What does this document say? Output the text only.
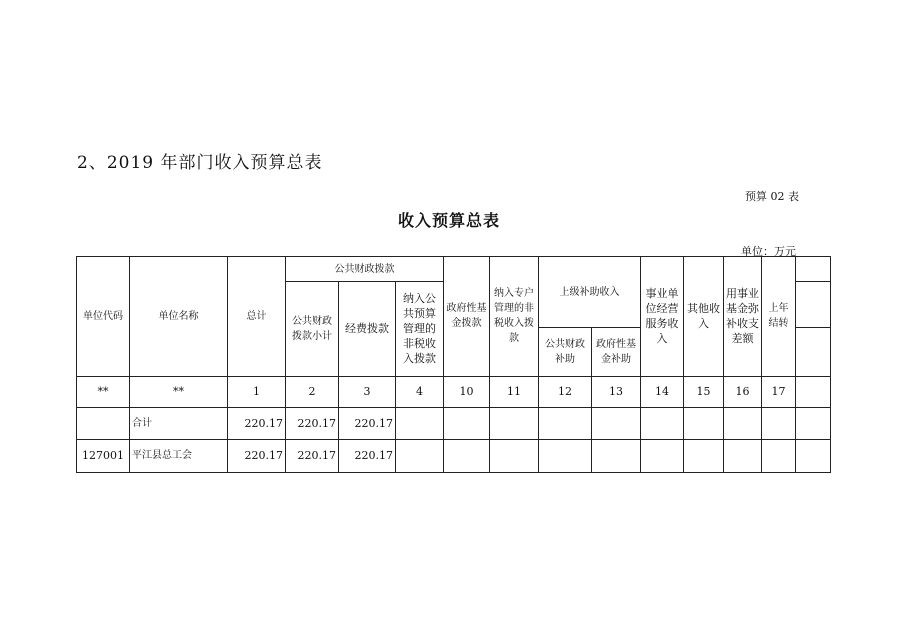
2、2019 年部门收入预算总表
预算 02 表
收入预算总表
单位：万元
单位代码	单位名称	总计	公共财政拨款			政府性基金拨款	纳入专户管理的非税收入拨款	上级补助收入		事业单位经营服务收入	其他收入	用事业基金弥补收支差额	上年结转	
			公共财政拨款小计	经费拨款	纳入公共预算管理的非税收入拨款									
								公共财政补助	政府性基金补助					
**	**	1	2	3	4	10	11	12	13	14	15	16	17	
	合计	220.17	220.17	220.17										
127001	平江县总工会	220.17	220.17	220.17										
